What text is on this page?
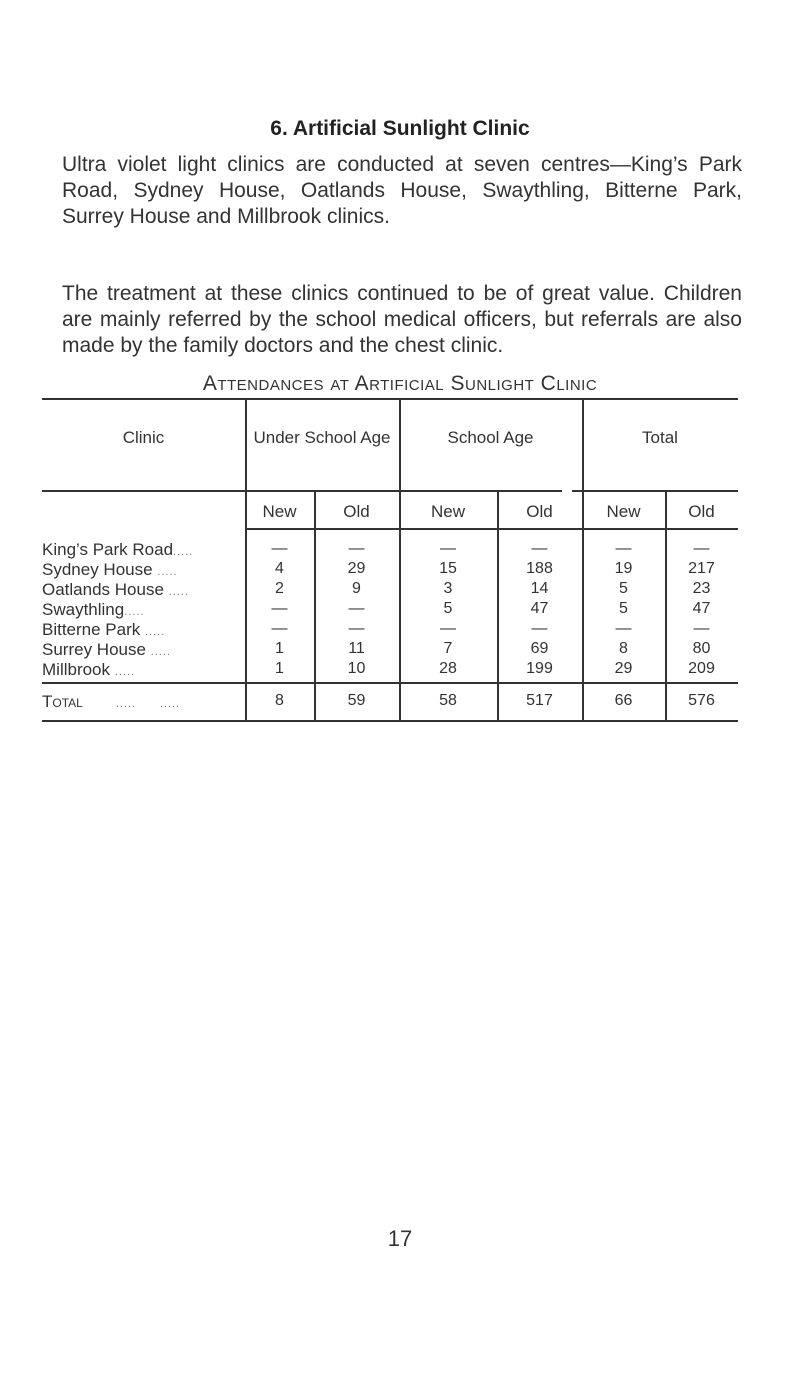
6. Artificial Sunlight Clinic

Ultra violet light clinics are conducted at seven centres—King’s Park Road, Sydney House, Oatlands House, Swaythling, Bitterne Park, Surrey House and Millbrook clinics.

The treatment at these clinics continued to be of great value. Children are mainly referred by the school medical officers, but referrals are also made by the family doctors and the chest clinic.

Attendances at Artificial Sunlight Clinic
Clinic	Under School Age	School Age	Total
New	Old	New	Old	New	Old
King’s Park Road.....	—	—	—	—	—	—
Sydney House .....	4	29	15	188	19	217
Oatlands House .....	2	9	3	14	5	23
Swaythling.....	—	—	5	47	5	47
Bitterne Park .....	—	—	—	—	—	—
Surrey House .....	1	11	7	69	8	80
Millbrook .....	1	10	28	199	29	209
Total	..... .....	8	59	58	517	66	576
17
